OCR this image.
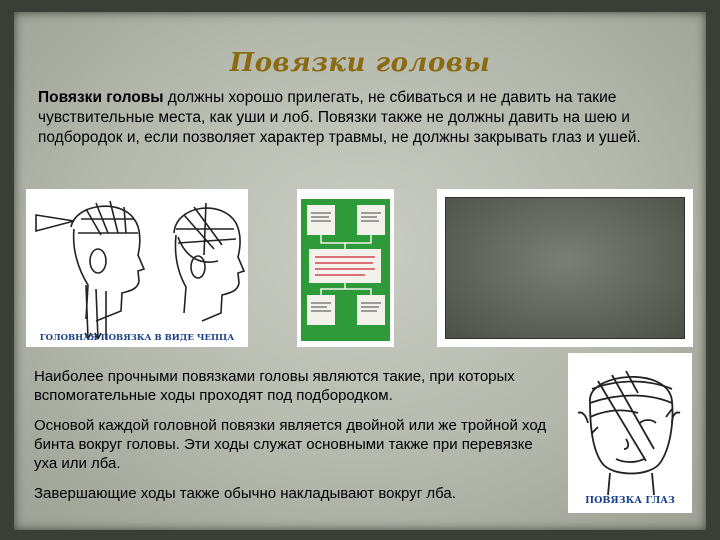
Повязки головы
Повязки головы должны хорошо прилегать, не сбиваться и не давить на такие чувствительные места, как уши и лоб. Повязки также не должны давить на шею и подбородок и, если позволяет характер травмы, не должны закрывать глаз и ушей.
ГОЛОВНАЯ ПОВЯЗКА В ВИДЕ ЧЕПЦА

Наиболее прочными повязками головы являются такие, при которых вспомогательные ходы проходят под подбородком.

Основой каждой головной повязки является двойной или же тройной ход бинта вокруг головы. Эти ходы служат основными также при перевязке уха или лба.

Завершающие ходы также обычно накладывают вокруг лба.	ПОВЯЗКА ГЛАЗ
